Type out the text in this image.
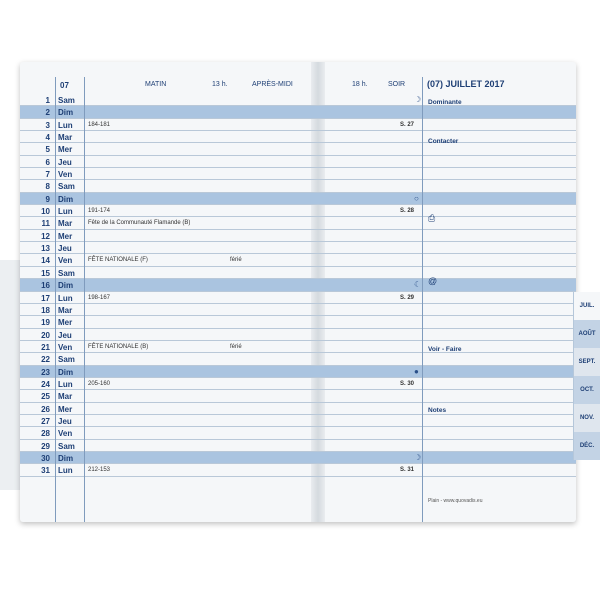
07	MATIN	13 h.	APRÈS-MIDI	18 h.	SOIR (07) JUILLET 2017
1 Sam	☽
2 Dim
3 Lun	184-181	S. 27
4 Mar
5 Mer
6 Jeu
7 Ven
8 Sam
9 Dim	○
10 Lun	191-174	S. 28
11 Mar	Fête de la Communauté Flamande (B)
12 Mer
13 Jeu
14 Ven	FÊTE NATIONALE (F)	férié
15 Sam
16 Dim	☾
17 Lun	198-167	S. 29
18 Mar
19 Mer
20 Jeu
21 Ven	FÊTE NATIONALE (B)	férié
22 Sam
23 Dim	●
24 Lun	205-160	S. 30
25 Mar
26 Mer
27 Jeu
28 Ven
29 Sam
30 Dim	☽
31 Lun	212-153	S. 31
Dominante
Contacter
⎙
@
Voir - Faire
Notes
Plain - www.quovadis.eu
JUIL.
AOÛT
SEPT.
OCT.
NOV.
DÉC.
